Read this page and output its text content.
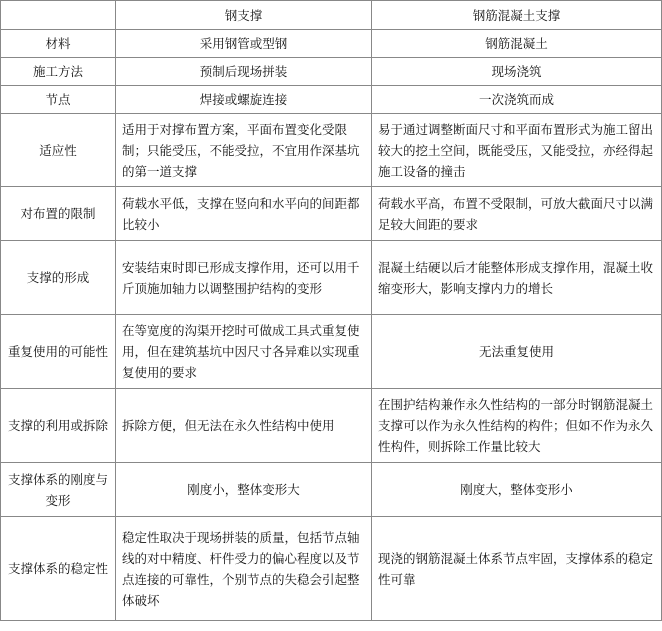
	钢支撑	钢筋混凝土支撑
材料	采用钢管或型钢	钢筋混凝土
施工方法	预制后现场拼装	现场浇筑
节点	焊接或螺旋连接	一次浇筑而成
适应性	适用于对撑布置方案，平面布置变化受限制；只能受压，不能受拉，不宜用作深基坑的第一道支撑	易于通过调整断面尺寸和平面布置形式为施工留出较大的挖土空间，既能受压，又能受拉，亦经得起施工设备的撞击
对布置的限制	荷载水平低，支撑在竖向和水平向的间距都比较小	荷载水平高，布置不受限制，可放大截面尺寸以满足较大间距的要求
支撑的形成	安装结束时即已形成支撑作用，还可以用千斤顶施加轴力以调整围护结构的变形	混凝土结硬以后才能整体形成支撑作用，混凝土收缩变形大，影响支撑内力的增长
重复使用的可能性	在等宽度的沟渠开挖时可做成工具式重复使用，但在建筑基坑中因尺寸各异难以实现重复使用的要求	无法重复使用
支撑的利用或拆除	拆除方便，但无法在永久性结构中使用	在围护结构兼作永久性结构的一部分时钢筋混凝土支撑可以作为永久性结构的构件；但如不作为永久性构件，则拆除工作量比较大
支撑体系的刚度与变形	刚度小，整体变形大	刚度大，整体变形小
支撑体系的稳定性	稳定性取决于现场拼装的质量，包括节点轴线的对中精度、杆件受力的偏心程度以及节点连接的可靠性，个别节点的失稳会引起整体破坏	现浇的钢筋混凝土体系节点牢固，支撑体系的稳定性可靠
